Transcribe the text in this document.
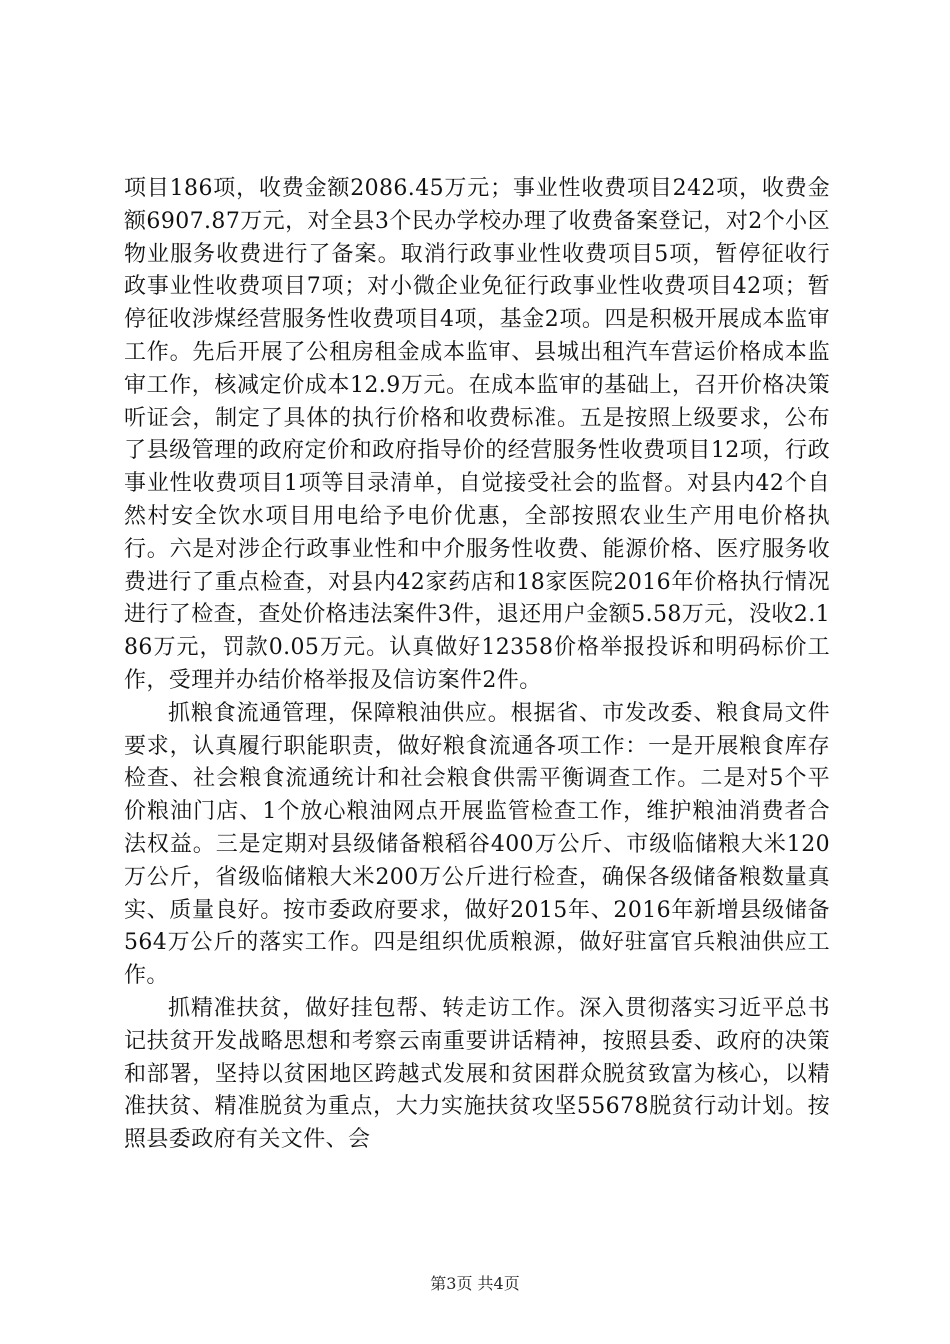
项目186项，收费金额2086.45万元；事业性收费项目242项，收费金额6907.87万元，对全县3个民办学校办理了收费备案登记，对2个小区物业服务收费进行了备案。取消行政事业性收费项目5项，暂停征收行政事业性收费项目7项；对小微企业免征行政事业性收费项目42项；暂停征收涉煤经营服务性收费项目4项，基金2项。四是积极开展成本监审工作。先后开展了公租房租金成本监审、县城出租汽车营运价格成本监审工作，核减定价成本12.9万元。在成本监审的基础上，召开价格决策听证会，制定了具体的执行价格和收费标准。五是按照上级要求，公布了县级管理的政府定价和政府指导价的经营服务性收费项目12项，行政事业性收费项目1项等目录清单，自觉接受社会的监督。对县内42个自然村安全饮水项目用电给予电价优惠，全部按照农业生产用电价格执行。六是对涉企行政事业性和中介服务性收费、能源价格、医疗服务收费进行了重点检查，对县内42家药店和18家医院2016年价格执行情况进行了检查，查处价格违法案件3件，退还用户金额5.58万元，没收2.186万元，罚款0.05万元。认真做好12358价格举报投诉和明码标价工作，受理并办结价格举报及信访案件2件。

抓粮食流通管理，保障粮油供应。根据省、市发改委、粮食局文件要求，认真履行职能职责，做好粮食流通各项工作：一是开展粮食库存检查、社会粮食流通统计和社会粮食供需平衡调查工作。二是对5个平价粮油门店、1个放心粮油网点开展监管检查工作，维护粮油消费者合法权益。三是定期对县级储备粮稻谷400万公斤、市级临储粮大米120万公斤，省级临储粮大米200万公斤进行检查，确保各级储备粮数量真实、质量良好。按市委政府要求，做好2015年、2016年新增县级储备564万公斤的落实工作。四是组织优质粮源，做好驻富官兵粮油供应工作。

抓精准扶贫，做好挂包帮、转走访工作。深入贯彻落实习近平总书记扶贫开发战略思想和考察云南重要讲话精神，按照县委、政府的决策和部署，坚持以贫困地区跨越式发展和贫困群众脱贫致富为核心，以精准扶贫、精准脱贫为重点，大力实施扶贫攻坚55678脱贫行动计划。按照县委政府有关文件、会

第3页 共4页
